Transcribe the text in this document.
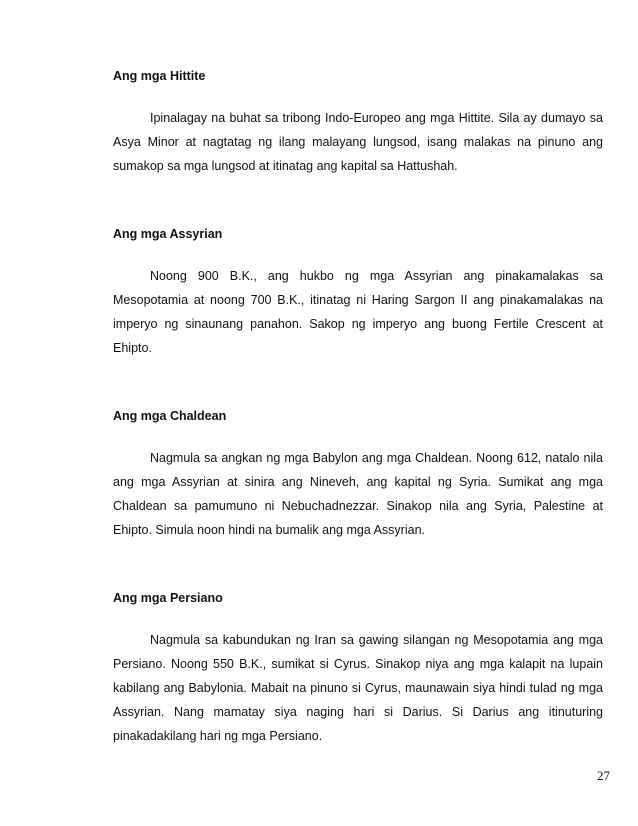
Ang mga Hittite

Ipinalagay na buhat sa tribong Indo-Europeo ang mga Hittite. Sila ay dumayo sa Asya Minor at nagtatag ng ilang malayang lungsod, isang malakas na pinuno ang sumakop sa mga lungsod at itinatag ang kapital sa Hattushah.

Ang mga Assyrian

Noong 900 B.K., ang hukbo ng mga Assyrian ang pinakamalakas sa Mesopotamia at noong 700 B.K., itinatag ni Haring Sargon II ang pinakamalakas na imperyo ng sinaunang panahon. Sakop ng imperyo ang buong Fertile Crescent at Ehipto.

Ang mga Chaldean

Nagmula sa angkan ng mga Babylon ang mga Chaldean. Noong 612, natalo nila ang mga Assyrian at sinira ang Nineveh, ang kapital ng Syria. Sumikat ang mga Chaldean sa pamumuno ni Nebuchadnezzar. Sinakop nila ang Syria, Palestine at Ehipto. Simula noon hindi na bumalik ang mga Assyrian.

Ang mga Persiano

Nagmula sa kabundukan ng Iran sa gawing silangan ng Mesopotamia ang mga Persiano. Noong 550 B.K., sumikat si Cyrus. Sinakop niya ang mga kalapit na lupain kabilang ang Babylonia. Mabait na pinuno si Cyrus, maunawain siya hindi tulad ng mga Assyrian. Nang mamatay siya naging hari si Darius. Si Darius ang itinuturing pinakadakilang hari ng mga Persiano.

27
